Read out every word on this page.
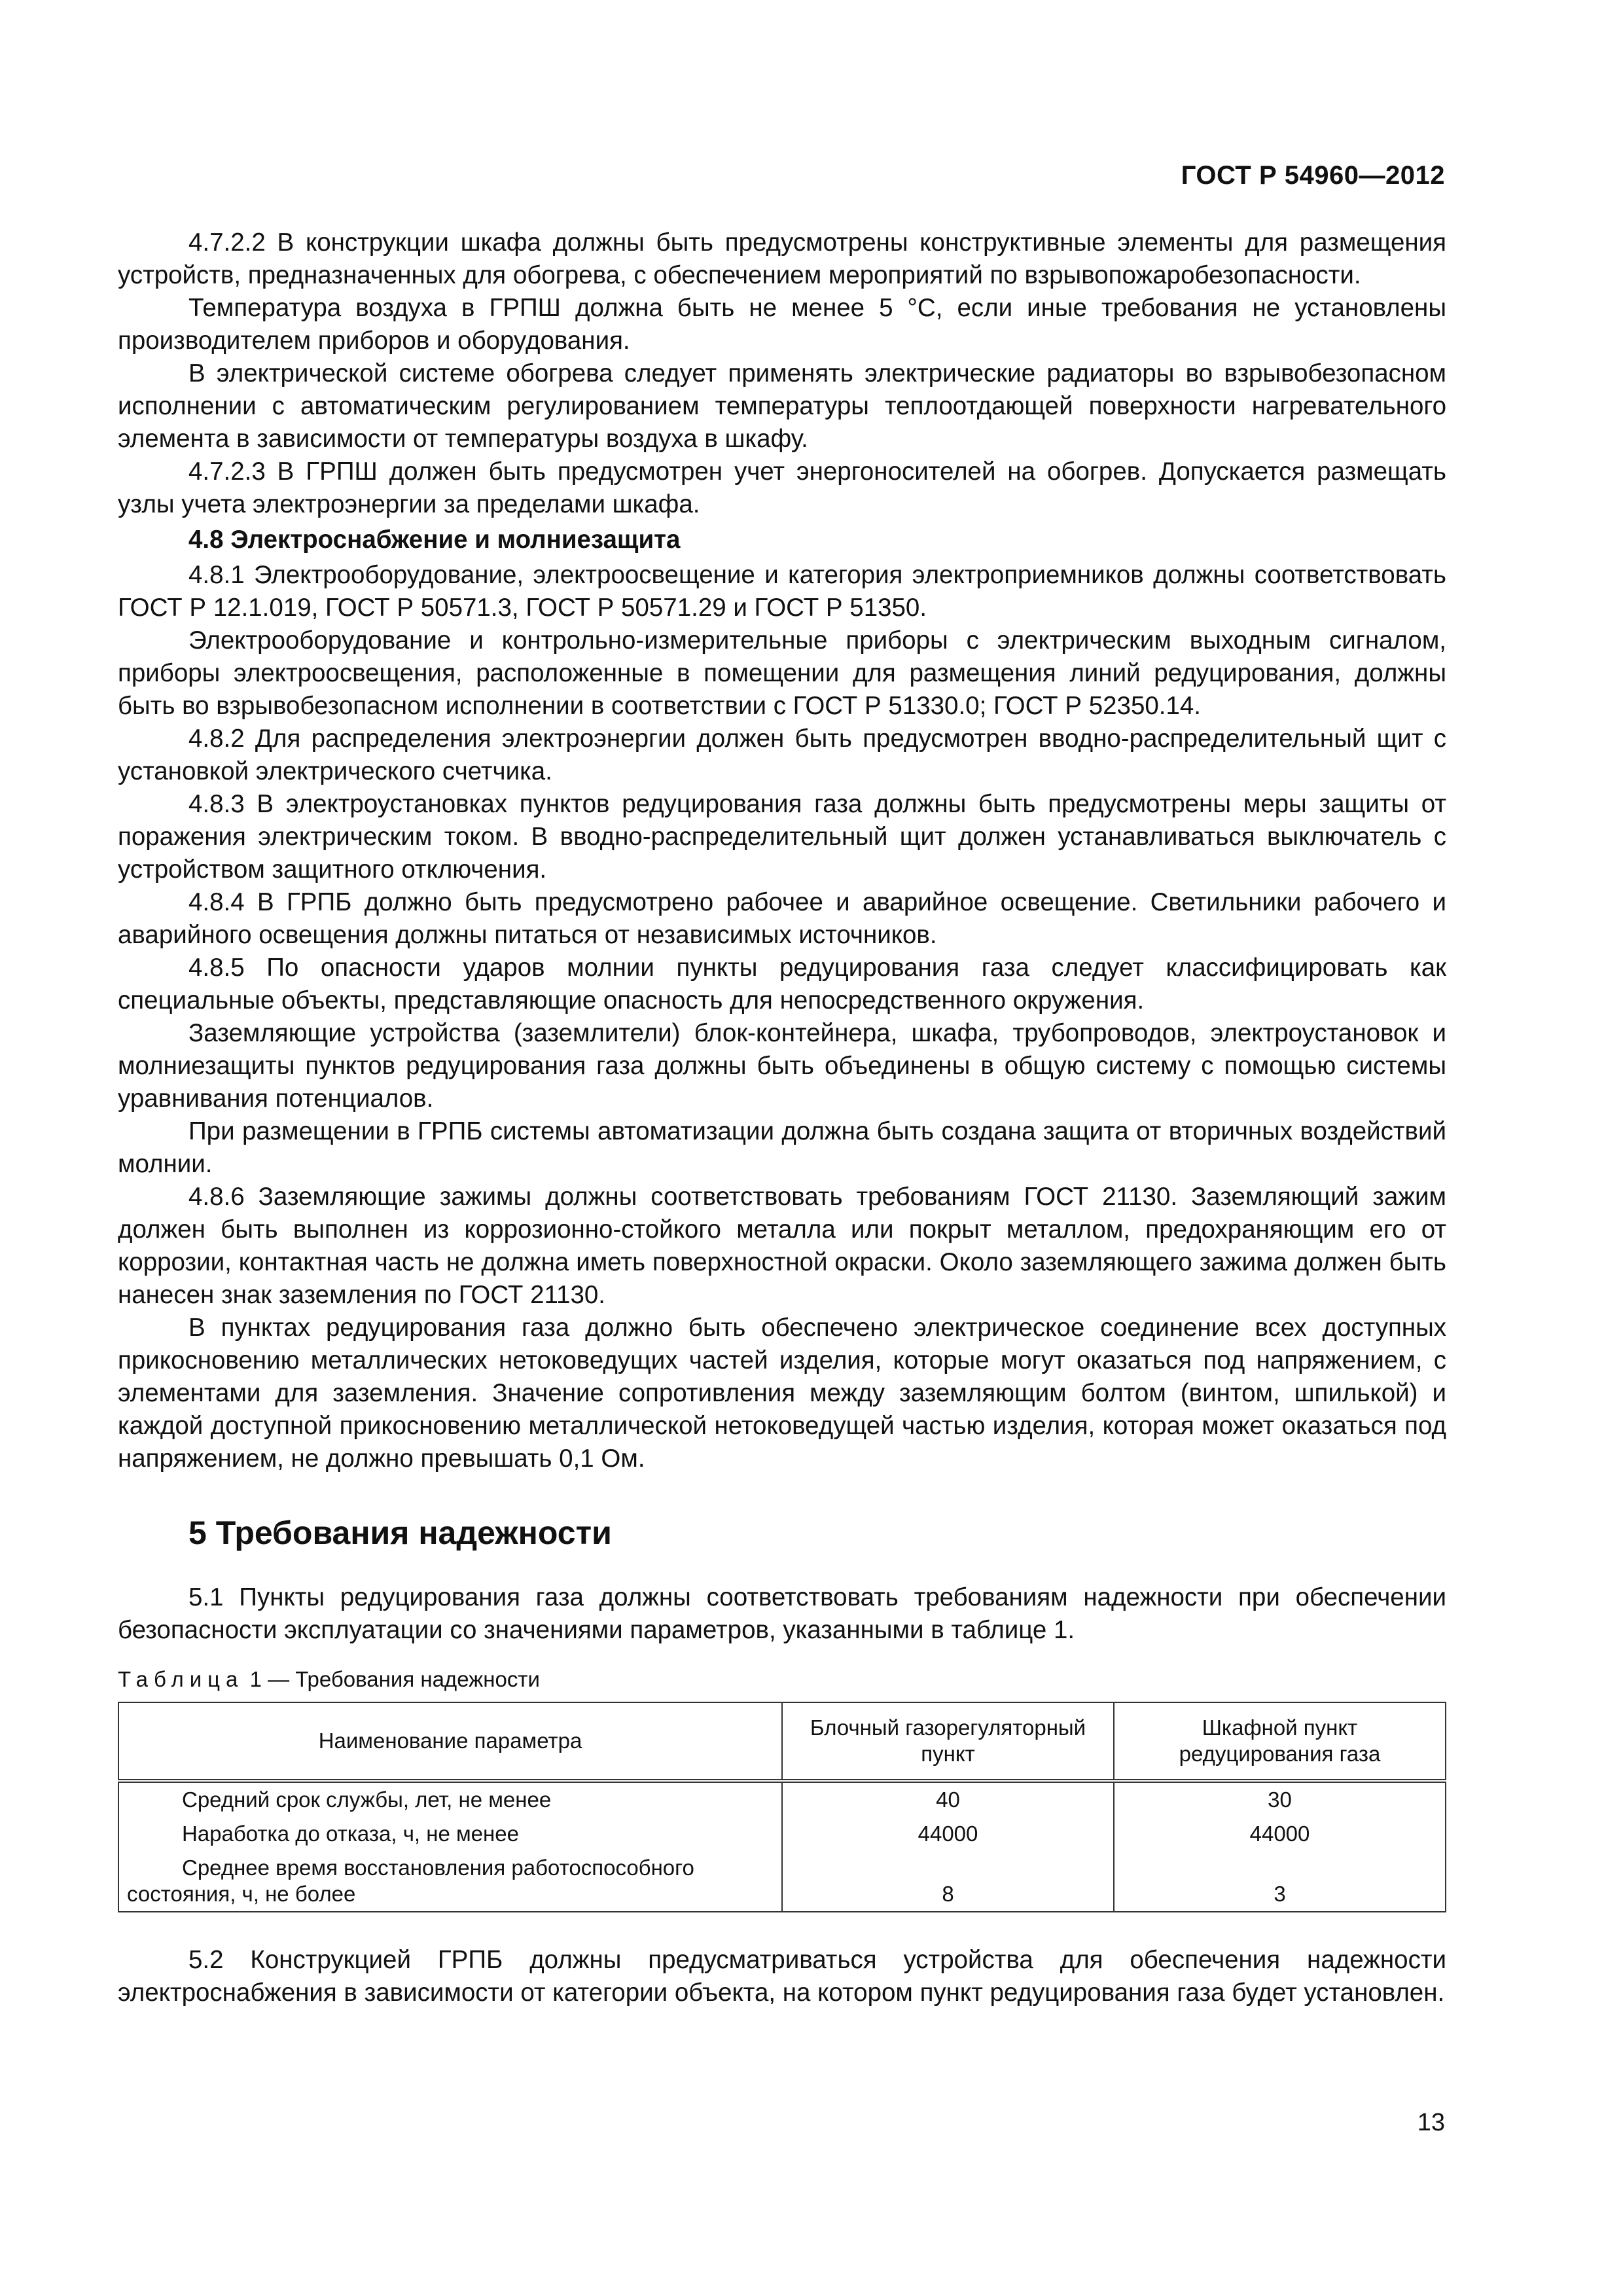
ГОСТ Р 54960—2012

4.7.2.2 В конструкции шкафа должны быть предусмотрены конструктивные элементы для размещения устройств, предназначенных для обогрева, с обеспечением мероприятий по взрывопожаробезопасности.

Температура воздуха в ГРПШ должна быть не менее 5 °С, если иные требования не установлены производителем приборов и оборудования.

В электрической системе обогрева следует применять электрические радиаторы во взрывобезопасном исполнении с автоматическим регулированием температуры теплоотдающей поверхности нагревательного элемента в зависимости от температуры воздуха в шкафу.

4.7.2.3 В ГРПШ должен быть предусмотрен учет энергоносителей на обогрев. Допускается размещать узлы учета электроэнергии за пределами шкафа.

4.8 Электроснабжение и молниезащита

4.8.1 Электрооборудование, электроосвещение и категория электроприемников должны соответствовать ГОСТ Р 12.1.019, ГОСТ Р 50571.3, ГОСТ Р 50571.29 и ГОСТ Р 51350.

Электрооборудование и контрольно-измерительные приборы с электрическим выходным сигналом, приборы электроосвещения, расположенные в помещении для размещения линий редуцирования, должны быть во взрывобезопасном исполнении в соответствии с ГОСТ Р 51330.0; ГОСТ Р 52350.14.

4.8.2 Для распределения электроэнергии должен быть предусмотрен вводно-распределительный щит с установкой электрического счетчика.

4.8.3 В электроустановках пунктов редуцирования газа должны быть предусмотрены меры защиты от поражения электрическим током. В вводно-распределительный щит должен устанавливаться выключатель с устройством защитного отключения.

4.8.4 В ГРПБ должно быть предусмотрено рабочее и аварийное освещение. Светильники рабочего и аварийного освещения должны питаться от независимых источников.

4.8.5 По опасности ударов молнии пункты редуцирования газа следует классифицировать как специальные объекты, представляющие опасность для непосредственного окружения.

Заземляющие устройства (заземлители) блок-контейнера, шкафа, трубопроводов, электроустановок и молниезащиты пунктов редуцирования газа должны быть объединены в общую систему с помощью системы уравнивания потенциалов.

При размещении в ГРПБ системы автоматизации должна быть создана защита от вторичных воздействий молнии.

4.8.6 Заземляющие зажимы должны соответствовать требованиям ГОСТ 21130. Заземляющий зажим должен быть выполнен из коррозионно-стойкого металла или покрыт металлом, предохраняющим его от коррозии, контактная часть не должна иметь поверхностной окраски. Около заземляющего зажима должен быть нанесен знак заземления по ГОСТ 21130.

В пунктах редуцирования газа должно быть обеспечено электрическое соединение всех доступных прикосновению металлических нетоковедущих частей изделия, которые могут оказаться под напряжением, с элементами для заземления. Значение сопротивления между заземляющим болтом (винтом, шпилькой) и каждой доступной прикосновению металлической нетоковедущей частью изделия, которая может оказаться под напряжением, не должно превышать 0,1 Ом.

5 Требования надежности

5.1 Пункты редуцирования газа должны соответствовать требованиям надежности при обеспечении безопасности эксплуатации со значениями параметров, указанными в таблице 1.

Таблица 1 — Требования надежности
Наименование параметра	Блочный газорегуляторный пункт	Шкафной пункт редуцирования газа

Средний срок службы, лет, не менее	40	30

Наработка до отказа, ч, не менее	44000	44000

Среднее время восстановления работоспособного
состояния, ч, не более	8	3

5.2 Конструкцией ГРПБ должны предусматриваться устройства для обеспечения надежности электроснабжения в зависимости от категории объекта, на котором пункт редуцирования газа будет установлен.

13
